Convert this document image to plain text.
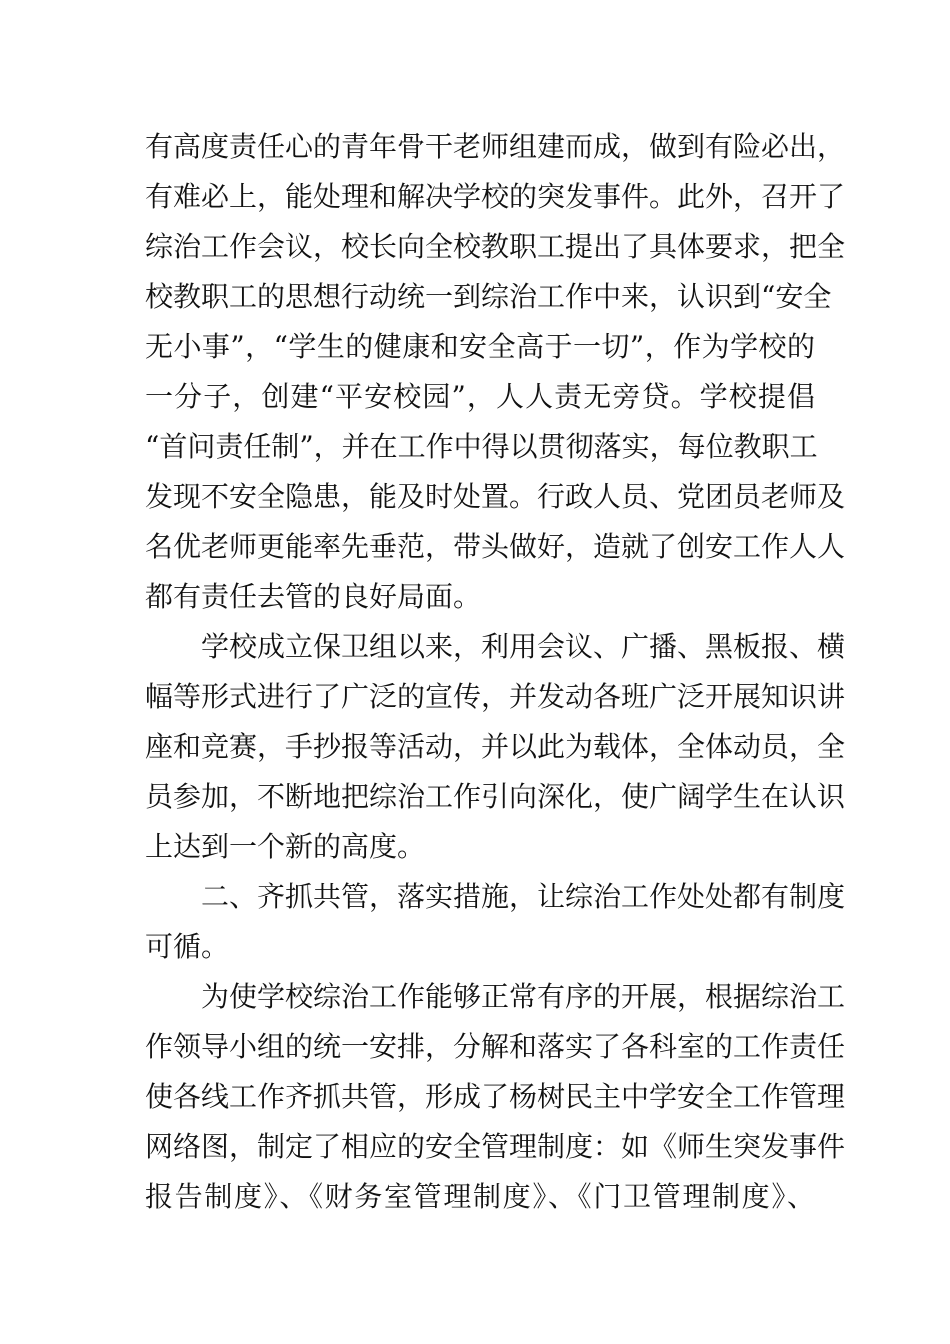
有高度责任心的青年骨干老师组建而成，做到有险必出，
有难必上，能处理和解决学校的突发事件。此外，召开了
综治工作会议，校长向全校教职工提出了具体要求，把全
校教职工的思想行动统一到综治工作中来，认识到“安全
无小事”，“学生的健康和安全高于一切”，作为学校的
一分子，创建“平安校园”，人人责无旁贷。学校提倡
“首问责任制”，并在工作中得以贯彻落实，每位教职工
发现不安全隐患，能及时处置。行政人员、党团员老师及
名优老师更能率先垂范，带头做好，造就了创安工作人人
都有责任去管的良好局面。
学校成立保卫组以来，利用会议、广播、黑板报、横
幅等形式进行了广泛的宣传，并发动各班广泛开展知识讲
座和竞赛，手抄报等活动，并以此为载体，全体动员，全
员参加，不断地把综治工作引向深化，使广阔学生在认识
上达到一个新的高度。
二、齐抓共管，落实措施，让综治工作处处都有制度
可循。
为使学校综治工作能够正常有序的开展，根据综治工
作领导小组的统一安排，分解和落实了各科室的工作责任
使各线工作齐抓共管，形成了杨树民主中学安全工作管理
网络图，制定了相应的安全管理制度：如《师生突发事件
报告制度》、《财务室管理制度》、《门卫管理制度》、
